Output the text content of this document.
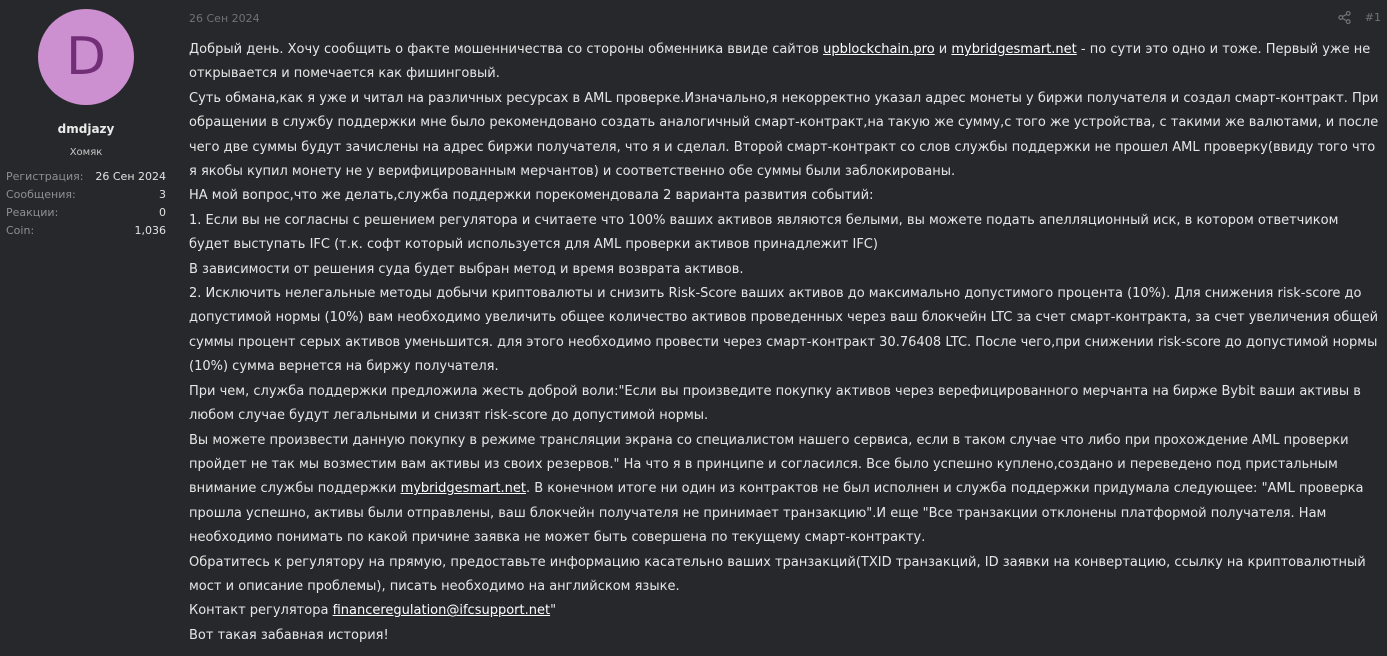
D
dmdjazy
Хомяк
Регистрация: 26 Сен 2024
Сообщения:	3
Реакции:	0
Coin:	1,036
26 Сен 2024	#1

Добрый день. Хочу сообщить о факте мошенничества со стороны обменника ввиде сайтов upblockchain.pro и mybridgesmart.net - по сути это одно и тоже. Первый уже не открывается и помечается как фишинговый.

Суть обмана,как я уже и читал на различных ресурсах в AML проверке.Изначально,я некорректно указал адрес монеты у биржи получателя и создал смарт-контракт. При обращении в службу поддержки мне было рекомендовано создать аналогичный смарт-контракт,на такую же сумму,с того же устройства, с такими же валютами, и после чего две суммы будут зачислены на адрес биржи получателя, что я и сделал. Второй смарт-контракт со слов службы поддержки не прошел AML проверку(ввиду того что я якобы купил монету не у верифицированным мерчантов) и соответственно обе суммы были заблокированы.

НА мой вопрос,что же делать,служба поддержки порекомендовала 2 варианта развития событий:

1. Если вы не согласны с решением регулятора и считаете что 100% ваших активов являются белыми, вы можете подать апелляционный иск, в котором ответчиком будет выступать IFC (т.к. софт который используется для AML проверки активов принадлежит IFC)

В зависимости от решения суда будет выбран метод и время возврата активов.

2. Исключить нелегальные методы добычи криптовалюты и снизить Risk-Score ваших активов до максимально допустимого процента (10%). Для снижения risk-score до допустимой нормы (10%) вам необходимо увеличить общее количество активов проведенных через ваш блокчейн LTC за счет смарт-контракта, за счет увеличения общей суммы процент серых активов уменьшится. для этого необходимо провести через смарт-контракт 30.76408 LTC. После чего,при снижении risk-score до допустимой нормы (10%) сумма вернется на биржу получателя.

При чем, служба поддержки предложила жесть доброй воли:"Если вы произведите покупку активов через верефицированного мерчанта на бирже Bybit ваши активы в любом случае будут легальными и снизят risk-score до допустимой нормы.

Вы можете произвести данную покупку в режиме трансляции экрана со специалистом нашего сервиса, если в таком случае что либо при прохождение AML проверки пройдет не так мы возместим вам активы из своих резервов." На что я в принципе и согласился. Все было успешно куплено,создано и переведено под пристальным внимание службы поддержки mybridgesmart.net. В конечном итоге ни один из контрактов не был исполнен и служба поддержки придумала следующее: "AML проверка прошла успешно, активы были отправлены, ваш блокчейн получателя не принимает транзакцию".И еще "Все транзакции отклонены платформой получателя. Нам необходимо понимать по какой причине заявка не может быть совершена по текущему смарт-контракту.

Обратитесь к регулятору на прямую, предоставьте информацию касательно ваших транзакций(TXID транзакций, ID заявки на конвертацию, ссылку на криптовалютный мост и описание проблемы), писать необходимо на английском языке.

Контакт регулятора financeregulation@ifcsupport.net"

Вот такая забавная история!
